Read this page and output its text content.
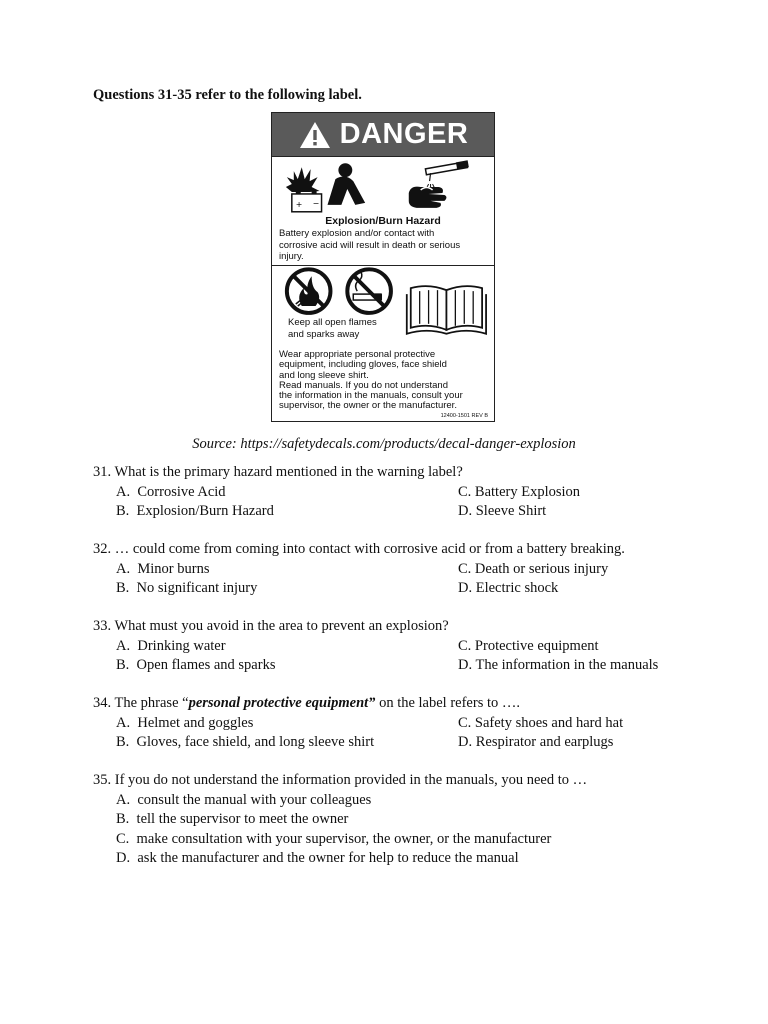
Questions 31-35 refer to the following label.
DANGER
+ −
Explosion/Burn Hazard
Battery explosion and/or contact with
corrosive acid will result in death or serious
injury.
Keep all open flames
and sparks away
Wear appropriate personal protective
equipment, including gloves, face shield
and long sleeve shirt.
Read manuals. If you do not understand
the information in the manuals, consult your
supervisor, the owner or the manufacturer.
12400-1501 REV B
Source: https://safetydecals.com/products/decal-danger-explosion
31. What is the primary hazard mentioned in the warning label?
A. Corrosive Acid	C. Battery Explosion
B. Explosion/Burn Hazard	D. Sleeve Shirt
32. … could come from coming into contact with corrosive acid or from a battery breaking.
A. Minor burns	C. Death or serious injury
B. No significant injury	D. Electric shock
33. What must you avoid in the area to prevent an explosion?
A. Drinking water	C. Protective equipment
B. Open flames and sparks	D. The information in the manuals
34. The phrase “personal protective equipment” on the label refers to ….
A. Helmet and goggles	C. Safety shoes and hard hat
B. Gloves, face shield, and long sleeve shirt	D. Respirator and earplugs
35. If you do not understand the information provided in the manuals, you need to …
A. consult the manual with your colleagues
B. tell the supervisor to meet the owner
C. make consultation with your supervisor, the owner, or the manufacturer
D. ask the manufacturer and the owner for help to reduce the manual
